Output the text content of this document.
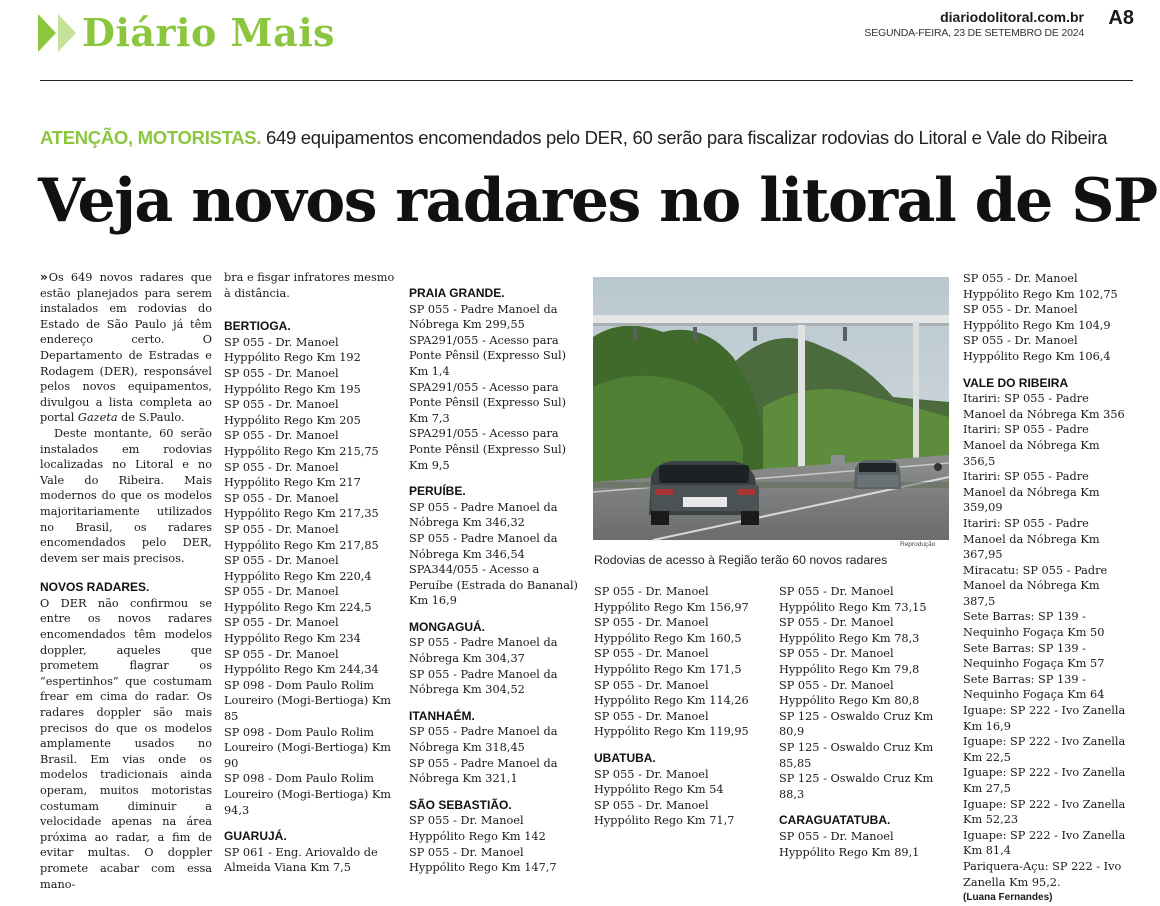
Diário Mais	diariodolitoral.com.br
SEGUNDA-FEIRA, 23 DE SETEMBRO DE 2024
A8
ATENÇÃO, MOTORISTAS. 649 equipamentos encomendados pelo DER, 60 serão para fiscalizar rodovias do Litoral e Vale do Ribeira
Veja novos radares no litoral de SP

» Os 649 novos radares que estão planejados para serem instalados em rodovias do Estado de São Paulo já têm endereço certo. O Departamento de Estradas e Rodagem (DER), responsável pelos novos equipamentos, divulgou a lista completa ao portal Gazeta de S.Paulo.

Deste montante, 60 serão instalados em rodovias localizadas no Litoral e no Vale do Ribeira. Mais modernos do que os modelos majoritariamente utilizados no Brasil, os radares encomendados pelo DER, devem ser mais precisos.

NOVOS RADARES.

O DER não confirmou se entre os novos radares encomendados têm modelos doppler, aqueles que prometem flagrar os “espertinhos” que costumam frear em cima do radar. Os radares doppler são mais precisos do que os modelos amplamente usados no Brasil. Em vias onde os modelos tradicionais ainda operam, muitos motoristas costumam diminuir a velocidade apenas na área próxima ao radar, a fim de evitar multas. O doppler promete acabar com essa mano-

bra e fisgar infratores mesmo à distância.

BERTIOGA.

SP 055 - Dr. Manoel Hyppólito Rego Km 192

SP 055 - Dr. Manoel Hyppólito Rego Km 195

SP 055 - Dr. Manoel Hyppólito Rego Km 205

SP 055 - Dr. Manoel Hyppólito Rego Km 215,75

SP 055 - Dr. Manoel Hyppólito Rego Km 217

SP 055 - Dr. Manoel Hyppólito Rego Km 217,35

SP 055 - Dr. Manoel Hyppólito Rego Km 217,85

SP 055 - Dr. Manoel Hyppólito Rego Km 220,4

SP 055 - Dr. Manoel Hyppólito Rego Km 224,5

SP 055 - Dr. Manoel Hyppólito Rego Km 234

SP 055 - Dr. Manoel Hyppólito Rego Km 244,34

SP 098 - Dom Paulo Rolim Loureiro (Mogi-Bertioga) Km 85

SP 098 - Dom Paulo Rolim Loureiro (Mogi-Bertioga) Km 90

SP 098 - Dom Paulo Rolim Loureiro (Mogi-Bertioga) Km 94,3

GUARUJÁ.

SP 061 - Eng. Ariovaldo de Almeida Viana Km 7,5

PRAIA GRANDE.

SP 055 - Padre Manoel da Nóbrega Km 299,55

SPA291/055 - Acesso para Ponte Pênsil (Expresso Sul) Km 1,4

SPA291/055 - Acesso para Ponte Pênsil (Expresso Sul) Km 7,3

SPA291/055 - Acesso para Ponte Pênsil (Expresso Sul) Km 9,5

PERUÍBE.

SP 055 - Padre Manoel da Nóbrega Km 346,32

SP 055 - Padre Manoel da Nóbrega Km 346,54

SPA344/055 - Acesso a Peruíbe (Estrada do Bananal) Km 16,9

MONGAGUÁ.

SP 055 - Padre Manoel da Nóbrega Km 304,37

SP 055 - Padre Manoel da Nóbrega Km 304,52

ITANHAÉM.

SP 055 - Padre Manoel da Nóbrega Km 318,45

SP 055 - Padre Manoel da Nóbrega Km 321,1

SÃO SEBASTIÃO.

SP 055 - Dr. Manoel Hyppólito Rego Km 142

SP 055 - Dr. Manoel Hyppólito Rego Km 147,7

Reprodução
Rodovias de acesso à Região terão 60 novos radares

SP 055 - Dr. Manoel Hyppólito Rego Km 156,97

SP 055 - Dr. Manoel Hyppólito Rego Km 160,5

SP 055 - Dr. Manoel Hyppólito Rego Km 171,5

SP 055 - Dr. Manoel Hyppólito Rego Km 114,26

SP 055 - Dr. Manoel Hyppólito Rego Km 119,95

UBATUBA.

SP 055 - Dr. Manoel Hyppólito Rego Km 54

SP 055 - Dr. Manoel Hyppólito Rego Km 71,7

SP 055 - Dr. Manoel Hyppólito Rego Km 73,15

SP 055 - Dr. Manoel Hyppólito Rego Km 78,3

SP 055 - Dr. Manoel Hyppólito Rego Km 79,8

SP 055 - Dr. Manoel Hyppólito Rego Km 80,8

SP 125 - Oswaldo Cruz Km 80,9

SP 125 - Oswaldo Cruz Km 85,85

SP 125 - Oswaldo Cruz Km 88,3

CARAGUATATUBA.

SP 055 - Dr. Manoel Hyppólito Rego Km 89,1

SP 055 - Dr. Manoel Hyppólito Rego Km 102,75

SP 055 - Dr. Manoel Hyppólito Rego Km 104,9

SP 055 - Dr. Manoel Hyppólito Rego Km 106,4

VALE DO RIBEIRA

Itariri: SP 055 - Padre Manoel da Nóbrega Km 356

Itariri: SP 055 - Padre Manoel da Nóbrega Km 356,5

Itariri: SP 055 - Padre Manoel da Nóbrega Km 359,09

Itariri: SP 055 - Padre Manoel da Nóbrega Km 367,95

Miracatu: SP 055 - Padre Manoel da Nóbrega Km 387,5

Sete Barras: SP 139 - Nequinho Fogaça Km 50

Sete Barras: SP 139 - Nequinho Fogaça Km 57

Sete Barras: SP 139 - Nequinho Fogaça Km 64

Iguape: SP 222 - Ivo Zanella Km 16,9

Iguape: SP 222 - Ivo Zanella Km 22,5

Iguape: SP 222 - Ivo Zanella Km 27,5

Iguape: SP 222 - Ivo Zanella Km 52,23

Iguape: SP 222 - Ivo Zanella Km 81,4

Pariquera-Açu: SP 222 - Ivo Zanella Km 95,2.

(Luana Fernandes)
